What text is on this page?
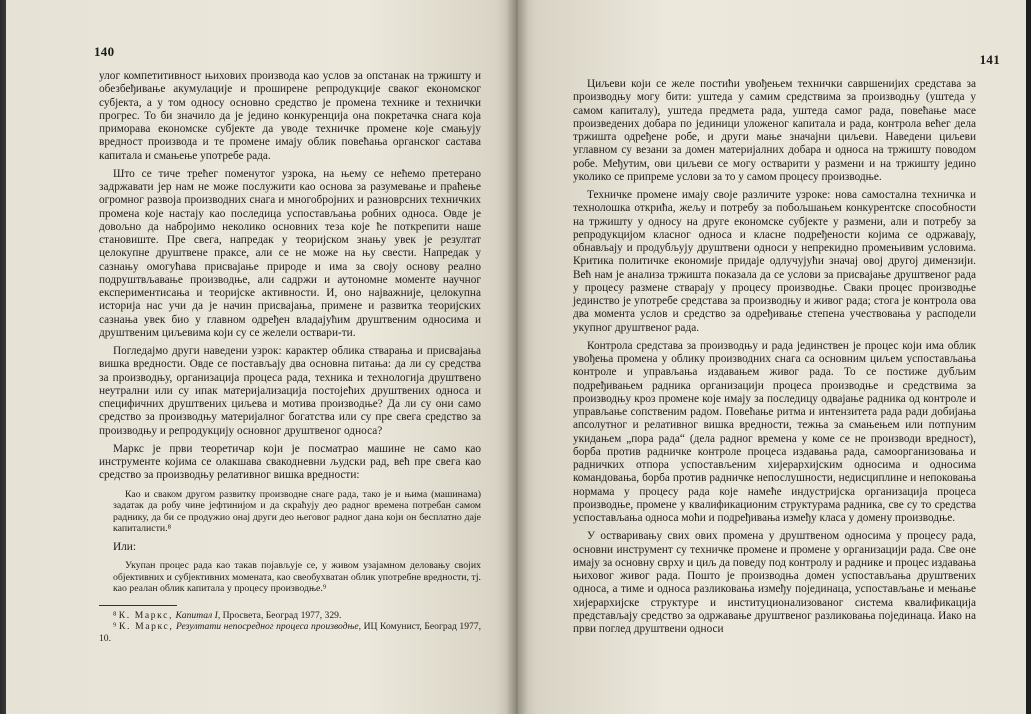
140

улог компетитивност њихових производа као услов за опстанак на тржишту и обезбеђивање акумулације и проширене репродукције сваког економског субјекта, а у том односу основно средство је промена технике и технички прогрес. То би значило да је једино конкуренција она покретачка снага која приморава економске субјекте да уводе техничке промене које смањују вредност производа и те промене имају облик повећања органског састава капитала и смањење употребе рада.

Што се тиче трећег поменутог узрока, на њему се нећемо претерано задржавати јер нам не може послужити као основа за разумевање и праћење огромног развоја производних снага и многобројних и разноврсних техничких промена које настају као последица успостављања робних односа. Овде је довољно да набројимо неколико основних теза које ће поткрепити наше становиште. Пре свега, напредак у теоријском знању увек је резултат целокупне друштвене праксе, али се не може на њу свести. Напредак у сазнању омогућава присвајање природе и има за своју основу реално подруштвљавање производње, али садржи и аутономне моменте научног експериментисања и теоријске активности. И, оно најважније, целокупна историја нас учи да је начин присвајања, примене и развитка теоријских сазнања увек био у главном одређен владајућим друштвеним односима и друштвеним циљевима који су се желели оствари-ти.

Погледајмо други наведени узрок: карактер облика стварања и присвајања вишка вредности. Овде се постављају два основна питања: да ли су средства за производњу, организација процеса рада, техника и технологија друштвено неутрални или су ипак материјализација постојећих друштвених односа и специфичних друштвених циљева и мотива производње? Да ли су они само средство за производњу материјалног богатства или су пре свега средство за производњу и репродукцију основног друштвеног односа?

Маркс је први теоретичар који је посматрао машине не само као инструменте којима се олакшава свакодневни људски рад, већ пре свега као средство за производњу релативног вишка вредности:

Као и сваком другом развитку производне снаге рада, тако је и њима (машинама) задатак да робу чине јефтинијом и да скраћују део радног времена потребан самом раднику, да би се продужио онај други део његовог радног дана који он бесплатно даје капиталисти.⁸

Или:

Укупан процес рада као такав појављује се, у живом узајамном деловању својих објективних и субјективних момената, као свеобухватан облик употребне вредности, тј. као реалан облик капитала у процесу производње.⁹

⁸ К. Маркс, Капитал I, Просвета, Београд 1977, 329.

⁹ К. Маркс, Резултати непосредног процеса производње, ИЦ Комунист, Београд 1977, 10.

141

Циљеви који се желе постићи увођењем технички савршенијих средстава за производњу могу бити: уштеда у самим средствима за производњу (уштеда у самом капиталу), уштеда предмета рада, уштеда самог рада, повећање масе произведених добара по јединици уложеног капитала и рада, контрола већег дела тржишта одређене робе, и други мање значајни циљеви. Наведени циљеви углавном су везани за домен материјалних добара и односа на тржишту поводом робе. Међутим, ови циљеви се могу остварити у размени и на тржишту једино уколико се припреме услови за то у самом процесу производње.

Техничке промене имају своје различите узроке: нова самостална техничка и технолошка открића, жељу и потребу за побољшањем конкурентске способности на тржишту у односу на друге економске субјекте у размени, али и потребу за репродукцијом класног односа и класне подређености којима се одржавају, обнављају и продубљују друштвени односи у непрекидно промењивим условима. Критика политичке економије придаје одлучујући значај овој другој димензији. Већ нам је анализа тржишта показала да се услови за присвајање друштвеног рада у процесу размене стварају у процесу производње. Сваки процес производње јединство је употребе средстава за производњу и живог рада; стога је контрола ова два момента услов и средство за одређивање степена учествовања у расподели укупног друштвеног рада.

Контрола средстава за производњу и рада јединствен је процес који има облик увођења промена у облику производних снага са основним циљем успостављања контроле и управљања издавањем живог рада. То се постиже дубљим подређивањем радника организацији процеса производње и средствима за производњу кроз промене које имају за последицу одвајање радника од контроле и управљање сопственим радом. Повећање ритма и интензитета рада ради добијања апсолутног и релативног вишка вредности, тежња за смањењем или потпуним укидањем „пора рада“ (дела радног времена у коме се не производи вредност), борба против радничке контроле процеса издавања рада, самоорганизовања и радничких отпора успостављеним хијерархијским односима и односима командовања, борба против радничке непослушности, недисциплине и непоковања нормама у процесу рада које намеће индустријска организација процеса производње, промене у квалификационим структурама радника, све су то средства успостављања односа моћи и подређивања између класа у домену производње.

У остваривању свих ових промена у друштвеном односима у процесу рада, основни инструмент су техничке промене и промене у организацији рада. Све оне имају за основну сврху и циљ да поведу под контролу и раднике и процес издавања њиховог живог рада. Пошто је производња домен успостављања друштвених односа, а тиме и односа разликовања између појединаца, успостављање и мењање хијерархијске структуре и институционализованог система квалификација представљају средство за одржавање друштвеног разликовања појединаца. Иако на први поглед друштвени односи
